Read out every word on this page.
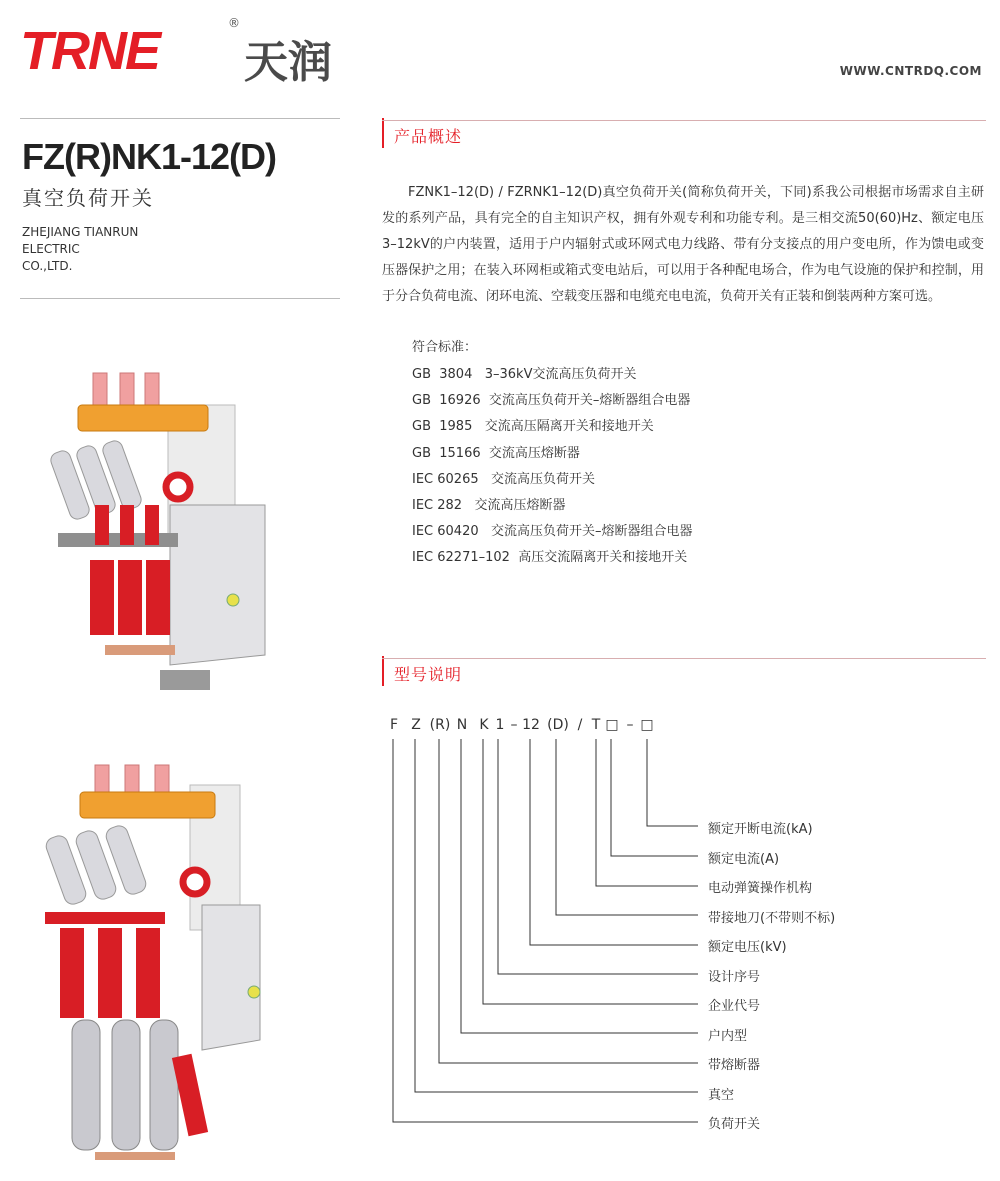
TRNE	®
天润	WWW.CNTRDQ.COM
FZ(R)NK1-12(D)
真空负荷开关
ZHEJIANG TIANRUN
ELECTRIC
CO.,LTD.
产品概述

FZNK1–12(D) / FZRNK1–12(D)真空负荷开关(简称负荷开关，下同)系我公司根据市场需求自主研发的系列产品，具有完全的自主知识产权，拥有外观专利和功能专利。是三相交流50(60)Hz、额定电压3–12kV的户内装置，适用于户内辐射式或环网式电力线路、带有分支接点的用户变电所，作为馈电或变压器保护之用；在装入环网柜或箱式变电站后，可以用于各种配电场合，作为电气设施的保护和控制，用于分合负荷电流、闭环电流、空载变压器和电缆充电电流，负荷开关有正装和倒装两种方案可选。

符合标准：
GB  3804   3–36kV交流高压负荷开关
GB  16926  交流高压负荷开关–熔断器组合电器
GB  1985   交流高压隔离开关和接地开关
GB  15166  交流高压熔断器
IEC 60265   交流高压负荷开关
IEC 282   交流高压熔断器
IEC 60420   交流高压负荷开关–熔断器组合电器
IEC 62271–102  高压交流隔离开关和接地开关
型号说明
F Z (R) N K 1 – 12 (D) / T □ – □
额定开断电流(kA)
额定电流(A)
电动弹簧操作机构
带接地刀(不带则不标)
额定电压(kV)
设计序号
企业代号
户内型
带熔断器
真空
负荷开关
